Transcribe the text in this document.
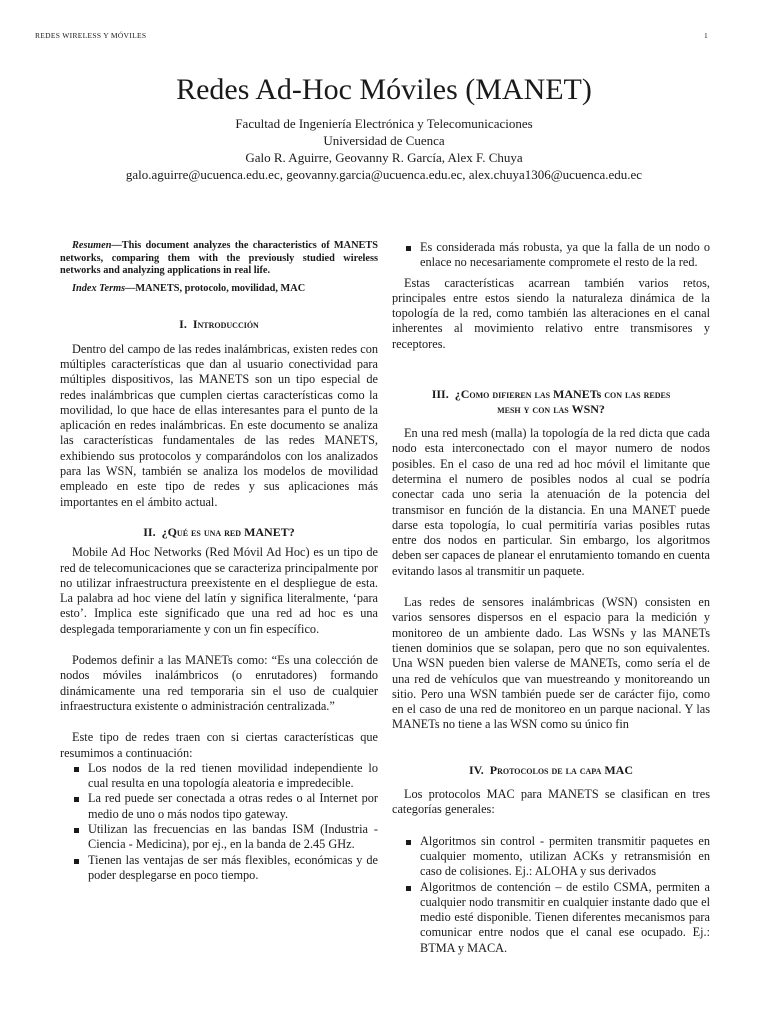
REDES WIRELESS Y MÓVILES	1
Redes Ad-Hoc Móviles (MANET)
Facultad de Ingeniería Electrónica y Telecomunicaciones
Universidad de Cuenca
Galo R. Aguirre, Geovanny R. García, Alex F. Chuya
galo.aguirre@ucuenca.edu.ec, geovanny.garcia@ucuenca.edu.ec, alex.chuya1306@ucuenca.edu.ec

Resumen—This document analyzes the characteristics of MANETS networks, comparing them with the previously studied wireless networks and analyzing applications in real life.

Index Terms—MANETS, protocolo, movilidad, MAC

I. Introducción

Dentro del campo de las redes inalámbricas, existen redes con múltiples características que dan al usuario conectividad para múltiples dispositivos, las MANETS son un tipo especial de redes inalámbricas que cumplen ciertas características como la movilidad, lo que hace de ellas interesantes para el punto de la aplicación en redes inalámbricas. En este documento se analiza las características fundamentales de las redes MANETS, exhibiendo sus protocolos y comparándolos con los analizados para las WSN, también se analiza los modelos de movilidad empleado en este tipo de redes y sus aplicaciones más importantes en el ámbito actual.

II. ¿Qué es una red MANET?

Mobile Ad Hoc Networks (Red Móvil Ad Hoc) es un tipo de red de telecomunicaciones que se caracteriza principalmente por no utilizar infraestructura preexistente en el despliegue de esta. La palabra ad hoc viene del latín y significa literalmente, ‘para esto’. Implica este significado que una red ad hoc es una desplegada temporariamente y con un fin específico.

Podemos definir a las MANETs como: “Es una colección de nodos móviles inalámbricos (o enrutadores) formando dinámicamente una red temporaria sin el uso de cualquier infraestructura existente o administración centralizada.”

Este tipo de redes traen con si ciertas características que resumimos a continuación:

Los nodos de la red tienen movilidad independiente lo cual resulta en una topología aleatoria e impredecible.
La red puede ser conectada a otras redes o al Internet por medio de uno o más nodos tipo gateway.
Utilizan las frecuencias en las bandas ISM (Industria - Ciencia - Medicina), por ej., en la banda de 2.45 GHz.
Tienen las ventajas de ser más flexibles, económicas y de poder desplegarse en poco tiempo.
Es considerada más robusta, ya que la falla de un nodo o enlace no necesariamente compromete el resto de la red.

Estas características acarrean también varios retos, principales entre estos siendo la naturaleza dinámica de la topología de la red, como también las alteraciones en el canal inherentes al movimiento relativo entre transmisores y receptores.

III. ¿Como difieren las MANETs con las redes
mesh y con las WSN?

En una red mesh (malla) la topología de la red dicta que cada nodo esta interconectado con el mayor numero de nodos posibles. En el caso de una red ad hoc móvil el limitante que determina el numero de posibles nodos al cual se podría conectar cada uno seria la atenuación de la potencia del transmisor en función de la distancia. En una MANET puede darse esta topología, lo cual permitiría varias posibles rutas entre dos nodos en particular. Sin embargo, los algoritmos deben ser capaces de planear el enrutamiento tomando en cuenta evitando lasos al transmitir un paquete.

Las redes de sensores inalámbricas (WSN) consisten en varios sensores dispersos en el espacio para la medición y monitoreo de un ambiente dado. Las WSNs y las MANETs tienen dominios que se solapan, pero que no son equivalentes. Una WSN pueden bien valerse de MANETs, como sería el de una red de vehículos que van muestreando y monitoreando un sitio. Pero una WSN también puede ser de carácter fijo, como en el caso de una red de monitoreo en un parque nacional. Y las MANETs no tiene a las WSN como su único fin

IV. Protocolos de la capa MAC

Los protocolos MAC para MANETS se clasifican en tres categorías generales:

Algoritmos sin control - permiten transmitir paquetes en cualquier momento, utilizan ACKs y retransmisión en caso de colisiones. Ej.: ALOHA y sus derivados
Algoritmos de contención – de estilo CSMA, permiten a cualquier nodo transmitir en cualquier instante dado que el medio esté disponible. Tienen diferentes mecanismos para comunicar entre nodos que el canal ese ocupado. Ej.: BTMA y MACA.
